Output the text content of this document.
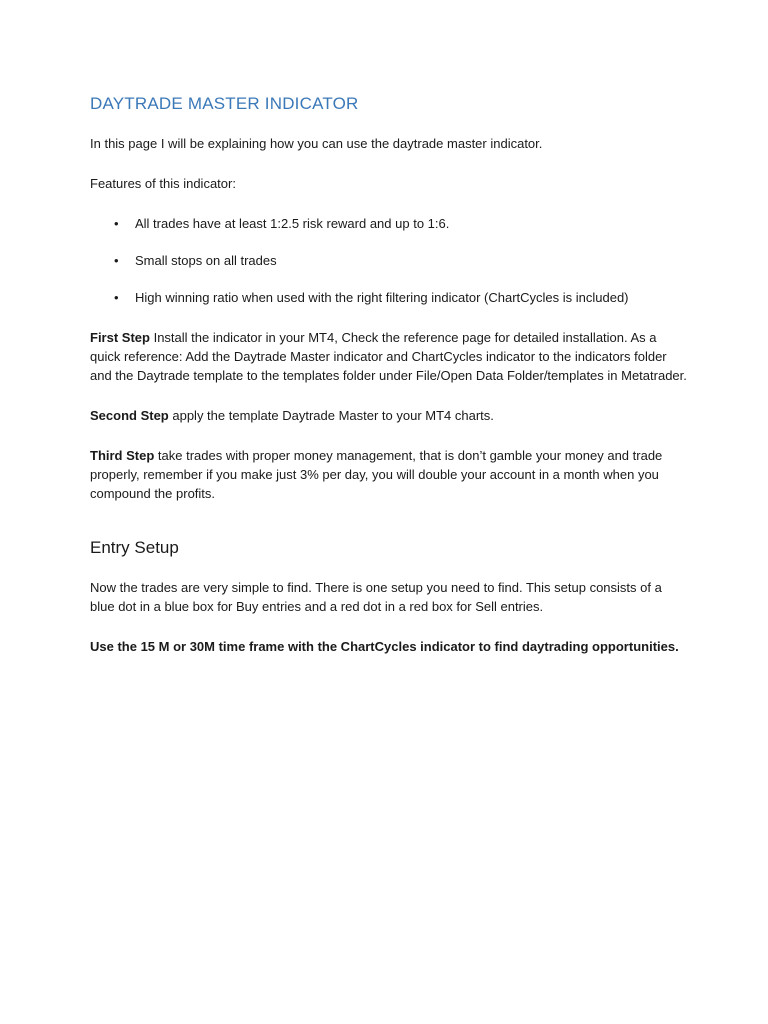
DAYTRADE MASTER INDICATOR

In this page I will be explaining how you can use the daytrade master indicator.

Features of this indicator:

• All trades have at least 1:2.5 risk reward and up to 1:6.
• Small stops on all trades
• High winning ratio when used with the right filtering indicator (ChartCycles is included)

First Step Install the indicator in your MT4, Check the reference page for detailed installation. As a quick reference: Add the Daytrade Master indicator and ChartCycles indicator to the indicators folder and the Daytrade template to the templates folder under File/Open Data Folder/templates in Metatrader.

Second Step apply the template Daytrade Master to your MT4 charts.

Third Step take trades with proper money management, that is don’t gamble your money and trade properly, remember if you make just 3% per day, you will double your account in a month when you compound the profits.

Entry Setup

Now the trades are very simple to find. There is one setup you need to find. This setup consists of a blue dot in a blue box for Buy entries and a red dot in a red box for Sell entries.

Use the 15 M or 30M time frame with the ChartCycles indicator to find daytrading opportunities.
